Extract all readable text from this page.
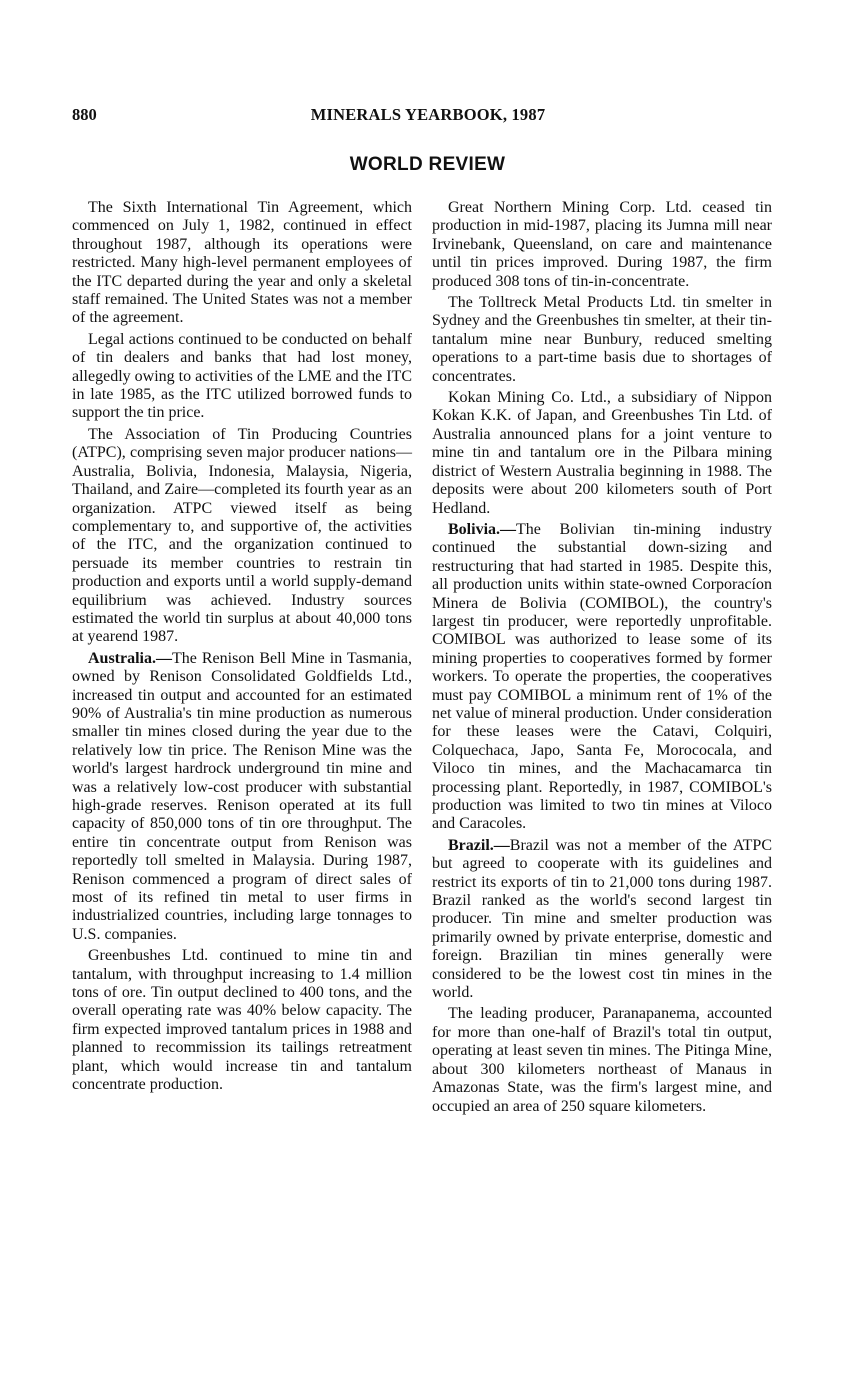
880	MINERALS YEARBOOK, 1987
WORLD REVIEW

The Sixth International Tin Agreement, which commenced on July 1, 1982, continued in effect throughout 1987, although its operations were restricted. Many high-level permanent employees of the ITC departed during the year and only a skeletal staff remained. The United States was not a member of the agreement.

Legal actions continued to be conducted on behalf of tin dealers and banks that had lost money, allegedly owing to activities of the LME and the ITC in late 1985, as the ITC utilized borrowed funds to support the tin price.

The Association of Tin Producing Countries (ATPC), comprising seven major producer nations—Australia, Bolivia, Indonesia, Malaysia, Nigeria, Thailand, and Zaire—completed its fourth year as an organization. ATPC viewed itself as being complementary to, and supportive of, the activities of the ITC, and the organization continued to persuade its member countries to restrain tin production and exports until a world supply-demand equilibrium was achieved. Industry sources estimated the world tin surplus at about 40,000 tons at yearend 1987.

Australia.—The Renison Bell Mine in Tasmania, owned by Renison Consolidated Goldfields Ltd., increased tin output and accounted for an estimated 90% of Australia's tin mine production as numerous smaller tin mines closed during the year due to the relatively low tin price. The Renison Mine was the world's largest hardrock underground tin mine and was a relatively low-cost producer with substantial high-grade reserves. Renison operated at its full capacity of 850,000 tons of tin ore throughput. The entire tin concentrate output from Renison was reportedly toll smelted in Malaysia. During 1987, Renison commenced a program of direct sales of most of its refined tin metal to user firms in industrialized countries, including large tonnages to U.S. companies.

Greenbushes Ltd. continued to mine tin and tantalum, with throughput increasing to 1.4 million tons of ore. Tin output declined to 400 tons, and the overall operating rate was 40% below capacity. The firm expected improved tantalum prices in 1988 and planned to recommission its tailings retreatment plant, which would increase tin and tantalum concentrate production.

Great Northern Mining Corp. Ltd. ceased tin production in mid-1987, placing its Jumna mill near Irvinebank, Queensland, on care and maintenance until tin prices improved. During 1987, the firm produced 308 tons of tin-in-concentrate.

The Tolltreck Metal Products Ltd. tin smelter in Sydney and the Greenbushes tin smelter, at their tin-tantalum mine near Bunbury, reduced smelting operations to a part-time basis due to shortages of concentrates.

Kokan Mining Co. Ltd., a subsidiary of Nippon Kokan K.K. of Japan, and Greenbushes Tin Ltd. of Australia announced plans for a joint venture to mine tin and tantalum ore in the Pilbara mining district of Western Australia beginning in 1988. The deposits were about 200 kilometers south of Port Hedland.

Bolivia.—The Bolivian tin-mining industry continued the substantial down-sizing and restructuring that had started in 1985. Despite this, all production units within state-owned Corporacíon Minera de Bolivia (COMIBOL), the country's largest tin producer, were reportedly unprofitable. COMIBOL was authorized to lease some of its mining properties to cooperatives formed by former workers. To operate the properties, the cooperatives must pay COMIBOL a minimum rent of 1% of the net value of mineral production. Under consideration for these leases were the Catavi, Colquiri, Colquechaca, Japo, Santa Fe, Morococala, and Viloco tin mines, and the Machacamarca tin processing plant. Reportedly, in 1987, COMIBOL's production was limited to two tin mines at Viloco and Caracoles.

Brazil.—Brazil was not a member of the ATPC but agreed to cooperate with its guidelines and restrict its exports of tin to 21,000 tons during 1987. Brazil ranked as the world's second largest tin producer. Tin mine and smelter production was primarily owned by private enterprise, domestic and foreign. Brazilian tin mines generally were considered to be the lowest cost tin mines in the world.

The leading producer, Paranapanema, accounted for more than one-half of Brazil's total tin output, operating at least seven tin mines. The Pitinga Mine, about 300 kilometers northeast of Manaus in Amazonas State, was the firm's largest mine, and occupied an area of 250 square kilometers.
